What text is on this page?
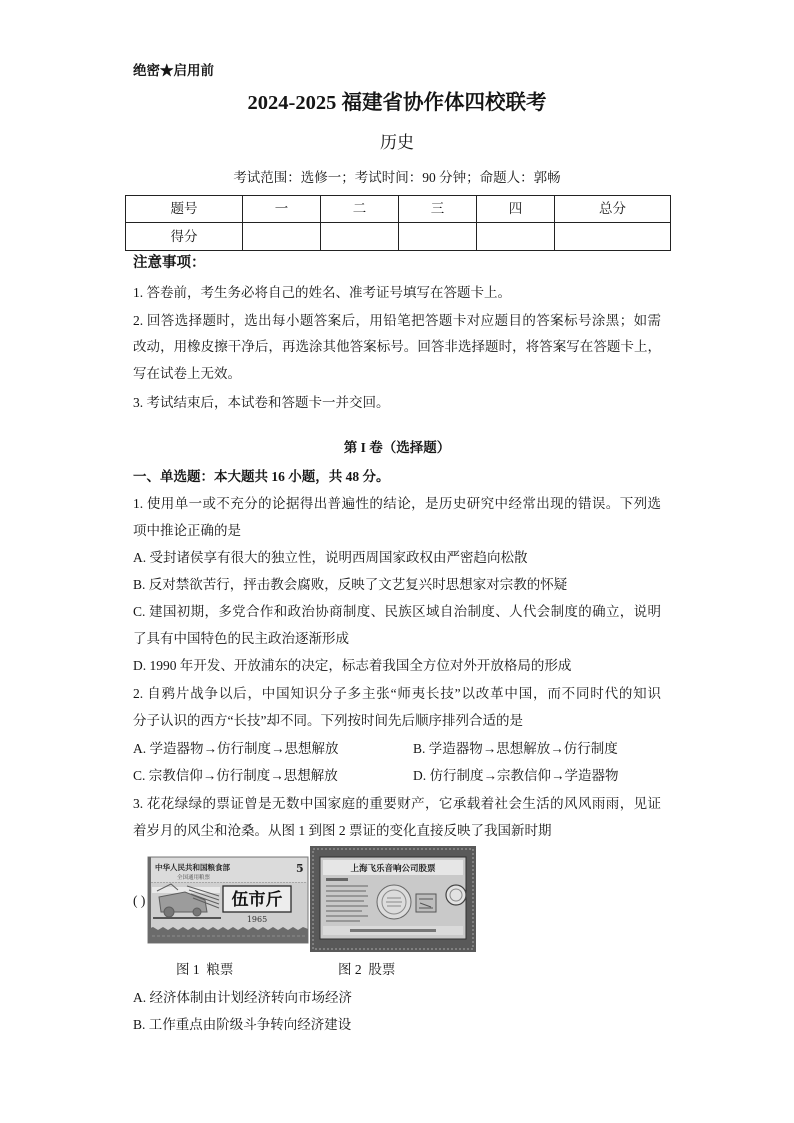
绝密★启用前
2024-2025 福建省协作体四校联考
历史
考试范围：选修一；考试时间：90 分钟；命题人：郭畅
题号	一	二	三	四	总分
得分					
注意事项：
1. 答卷前，考生务必将自己的姓名、准考证号填写在答题卡上。
2. 回答选择题时，选出每小题答案后，用铅笔把答题卡对应题目的答案标号涂黑；如需
改动，用橡皮擦干净后，再选涂其他答案标号。回答非选择题时，将答案写在答题卡上，
写在试卷上无效。
3. 考试结束后，本试卷和答题卡一并交回。
第 I 卷（选择题）
一、单选题：本大题共 16 小题，共 48 分。
1. 使用单一或不充分的论据得出普遍性的结论，是历史研究中经常出现的错误。下列选
项中推论正确的是
A. 受封诸侯享有很大的独立性，说明西周国家政权由严密趋向松散
B. 反对禁欲苦行，抨击教会腐败，反映了文艺复兴时思想家对宗教的怀疑
C. 建国初期，多党合作和政治协商制度、民族区域自治制度、人代会制度的确立，说明
了具有中国特色的民主政治逐渐形成
D. 1990 年开发、开放浦东的决定，标志着我国全方位对外开放格局的形成
2. 自鸦片战争以后，中国知识分子多主张“师夷长技”以改革中国，而不同时代的知识
分子认识的西方“长技”却不同。下列按时间先后顺序排列合适的是
A. 学造器物→仿行制度→思想解放	B. 学造器物→思想解放→仿行制度
C. 宗教信仰→仿行制度→思想解放	D. 仿行制度→宗教信仰→学造器物
3. 花花绿绿的票证曾是无数中国家庭的重要财产，它承载着社会生活的风风雨雨，见证
着岁月的风尘和沧桑。从图 1 到图 2 票证的变化直接反映了我国新时期
( )
中华人民共和国粮食部
全国通用粮票
5
伍市斤
1965
上海飞乐音响公司股票
图 1  粮票	图 2  股票
A. 经济体制由计划经济转向市场经济
B. 工作重点由阶级斗争转向经济建设
